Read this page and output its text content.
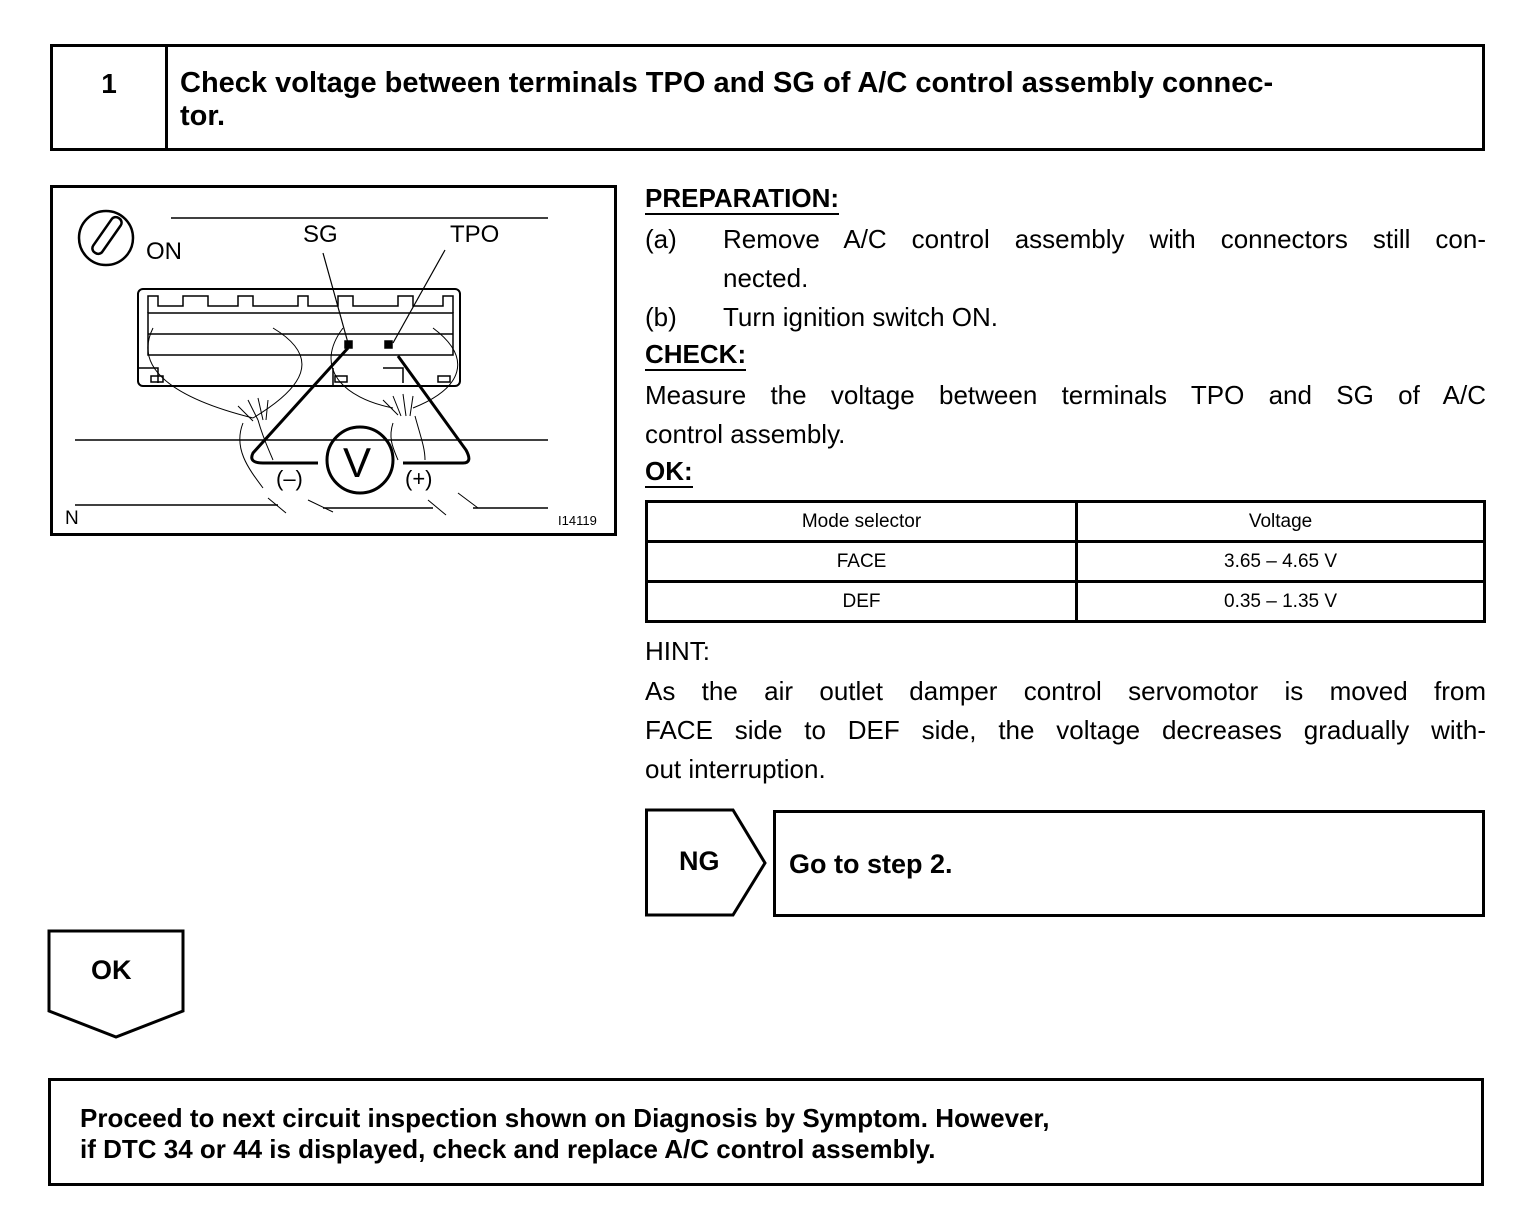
1	Check voltage between terminals TPO and SG of A/C control assembly connec-
tor.
ON
SG	TPO
V
(–)	(+)
N	I14119
PREPARATION:
(a) Remove A/C control assembly with connectors still con-
nected.
(b) Turn ignition switch ON.
CHECK:
Measure the voltage between terminals TPO and SG of A/C
control assembly.
OK:
HINT:
As the air outlet damper control servomotor is moved from
FACE side to DEF side, the voltage decreases gradually with-
out interruption.
Mode selector	Voltage
FACE	3.65 – 4.65 V
DEF	0.35 – 1.35 V
NG	Go to step 2.
OK
Proceed to next circuit inspection shown on Diagnosis by Symptom. However,
if DTC 34 or 44 is displayed, check and replace A/C control assembly.
